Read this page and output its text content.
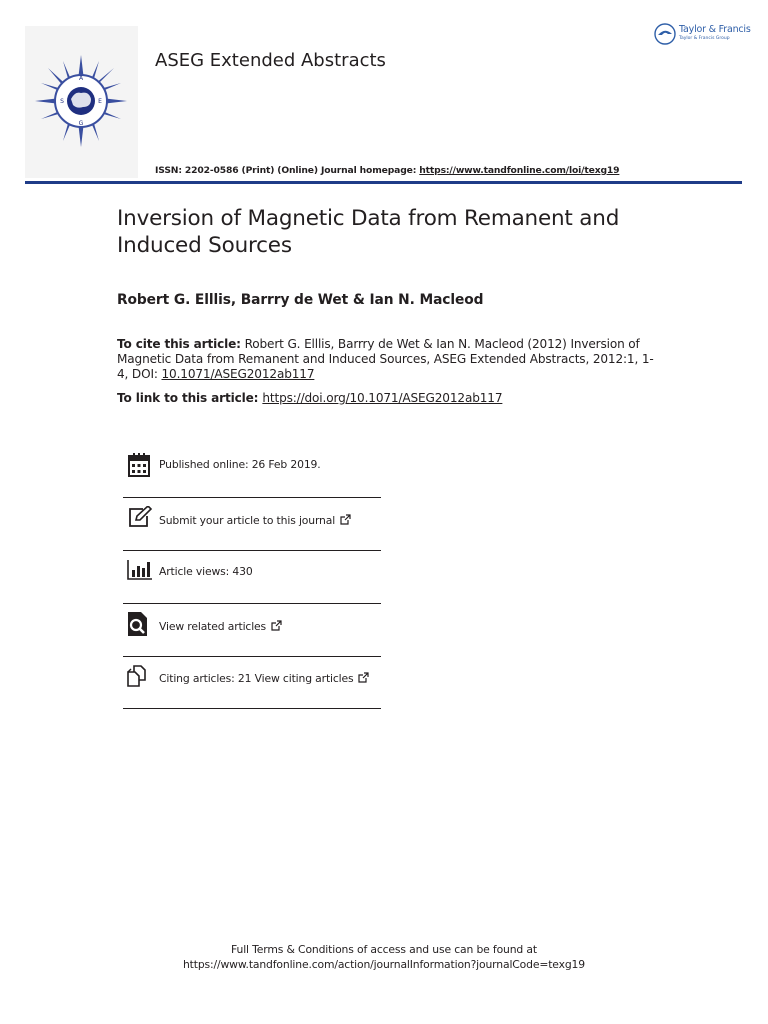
A
S	E
G
ASEG Extended Abstracts
Taylor & Francis
Taylor & Francis Group
ISSN: 2202-0586 (Print) (Online) Journal homepage: https://www.tandfonline.com/loi/texg19
Inversion of Magnetic Data from Remanent and Induced Sources
Robert G. Elllis, Barrry de Wet & Ian N. Macleod
To cite this article: Robert G. Elllis, Barrry de Wet & Ian N. Macleod (2012) Inversion of Magnetic Data from Remanent and Induced Sources, ASEG Extended Abstracts, 2012:1, 1-4, DOI: 10.1071/ASEG2012ab117
To link to this article: https://doi.org/10.1071/ASEG2012ab117
Published online: 26 Feb 2019.
Submit your article to this journal
Article views: 430
View related articles
Citing articles: 21 View citing articles
Full Terms & Conditions of access and use can be found at
https://www.tandfonline.com/action/journalInformation?journalCode=texg19
